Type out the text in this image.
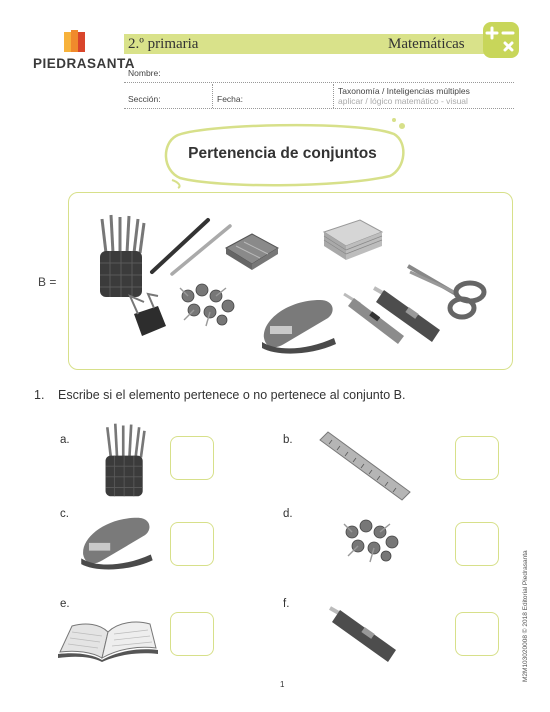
PIEDRASANTA
2.º primaria	Matemáticas
Nombre:
Sección:	Fecha:
Taxonomía / Inteligencias múltiples
aplicar / lógico matemático - visual
Pertenencia de conjuntos
B =
1. Escribe si el elemento pertenece o no pertenece al conjunto B.
a.	b.
c.	d.
e.	f.
1
M2M103020008 © 2018 Editorial Piedrasanta
